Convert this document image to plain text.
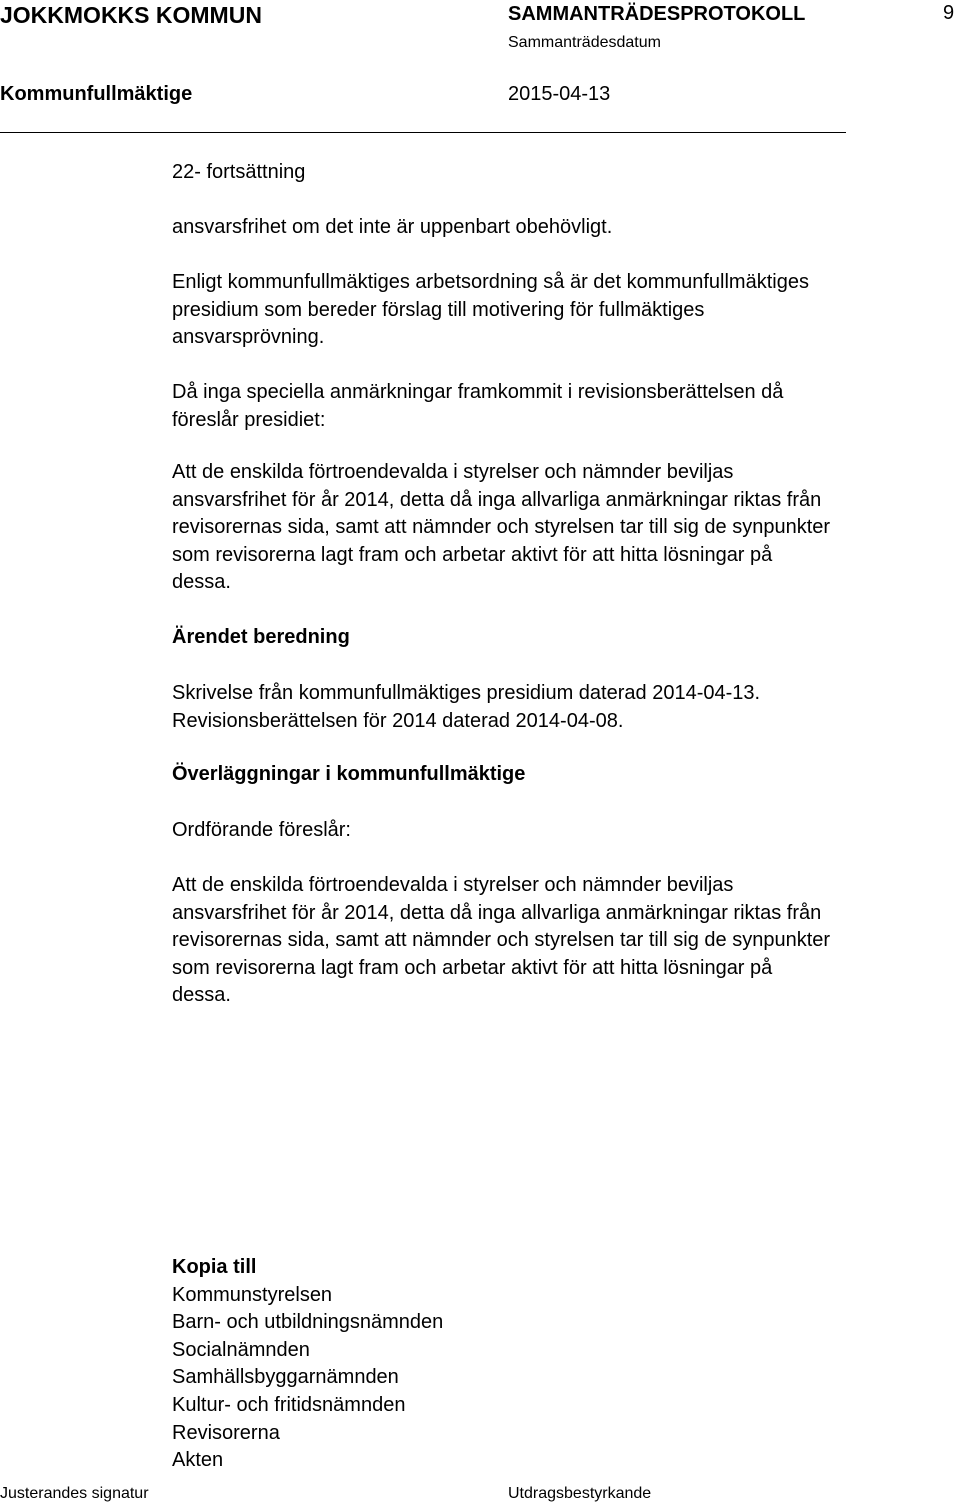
JOKKMOKKS KOMMUN	SAMMANTRÄDESPROTOKOLL	9
Sammanträdesdatum
Kommunfullmäktige	2015-04-13
22- fortsättning
ansvarsfrihet om det inte är uppenbart obehövligt.
Enligt kommunfullmäktiges arbetsordning så är det kommunfullmäktiges
presidium som bereder förslag till motivering för fullmäktiges
ansvarsprövning.
Då inga speciella anmärkningar framkommit i revisionsberättelsen då
föreslår presidiet:
Att de enskilda förtroendevalda i styrelser och nämnder beviljas
ansvarsfrihet för år 2014, detta då inga allvarliga anmärkningar riktas från
revisorernas sida, samt att nämnder och styrelsen tar till sig de synpunkter
som revisorerna lagt fram och arbetar aktivt för att hitta lösningar på
dessa.
Ärendet beredning
Skrivelse från kommunfullmäktiges presidium daterad 2014-04-13.
Revisionsberättelsen för 2014 daterad 2014-04-08.
Överläggningar i kommunfullmäktige
Ordförande föreslår:
Att de enskilda förtroendevalda i styrelser och nämnder beviljas
ansvarsfrihet för år 2014, detta då inga allvarliga anmärkningar riktas från
revisorernas sida, samt att nämnder och styrelsen tar till sig de synpunkter
som revisorerna lagt fram och arbetar aktivt för att hitta lösningar på
dessa.
Kopia till
Kommunstyrelsen
Barn- och utbildningsnämnden
Socialnämnden
Samhällsbyggarnämnden
Kultur- och fritidsnämnden
Revisorerna
Akten
Justerandes signatur	Utdragsbestyrkande
